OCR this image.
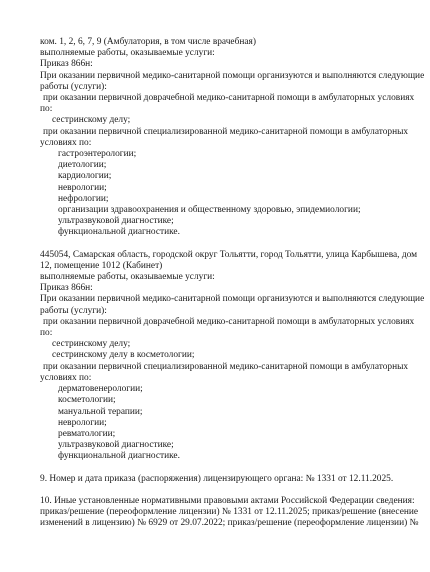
ком. 1, 2, 6, 7, 9 (Амбулатория, в том числе врачебная)
выполняемые работы, оказываемые услуги:
Приказ 866н:
При оказании первичной медико-санитарной помощи организуются и выполняются следующие
работы (услуги):
при оказании первичной доврачебной медико-санитарной помощи в амбулаторных условиях
по:
сестринскому делу;
при оказании первичной специализированной медико-санитарной помощи в амбулаторных
условиях по:
гастроэнтерологии;
диетологии;
кардиологии;
неврологии;
нефрологии;
организации здравоохранения и общественному здоровью, эпидемиологии;
ультразвуковой диагностике;
функциональной диагностике.
445054, Самарская область, городской округ Тольятти, город Тольятти, улица Карбышева, дом
12, помещение 1012 (Кабинет)
выполняемые работы, оказываемые услуги:
Приказ 866н:
При оказании первичной медико-санитарной помощи организуются и выполняются следующие
работы (услуги):
при оказании первичной доврачебной медико-санитарной помощи в амбулаторных условиях
по:
сестринскому делу;
сестринскому делу в косметологии;
при оказании первичной специализированной медико-санитарной помощи в амбулаторных
условиях по:
дерматовенерологии;
косметологии;
мануальной терапии;
неврологии;
ревматологии;
ультразвуковой диагностике;
функциональной диагностике.
9. Номер и дата приказа (распоряжения) лицензирующего органа: № 1331 от 12.11.2025.
10. Иные установленные нормативными правовыми актами Российской Федерации сведения:
приказ/решение (переоформление лицензии) № 1331 от 12.11.2025; приказ/решение (внесение
изменений в лицензию) № 6929 от 29.07.2022; приказ/решение (переоформление лицензии) №
